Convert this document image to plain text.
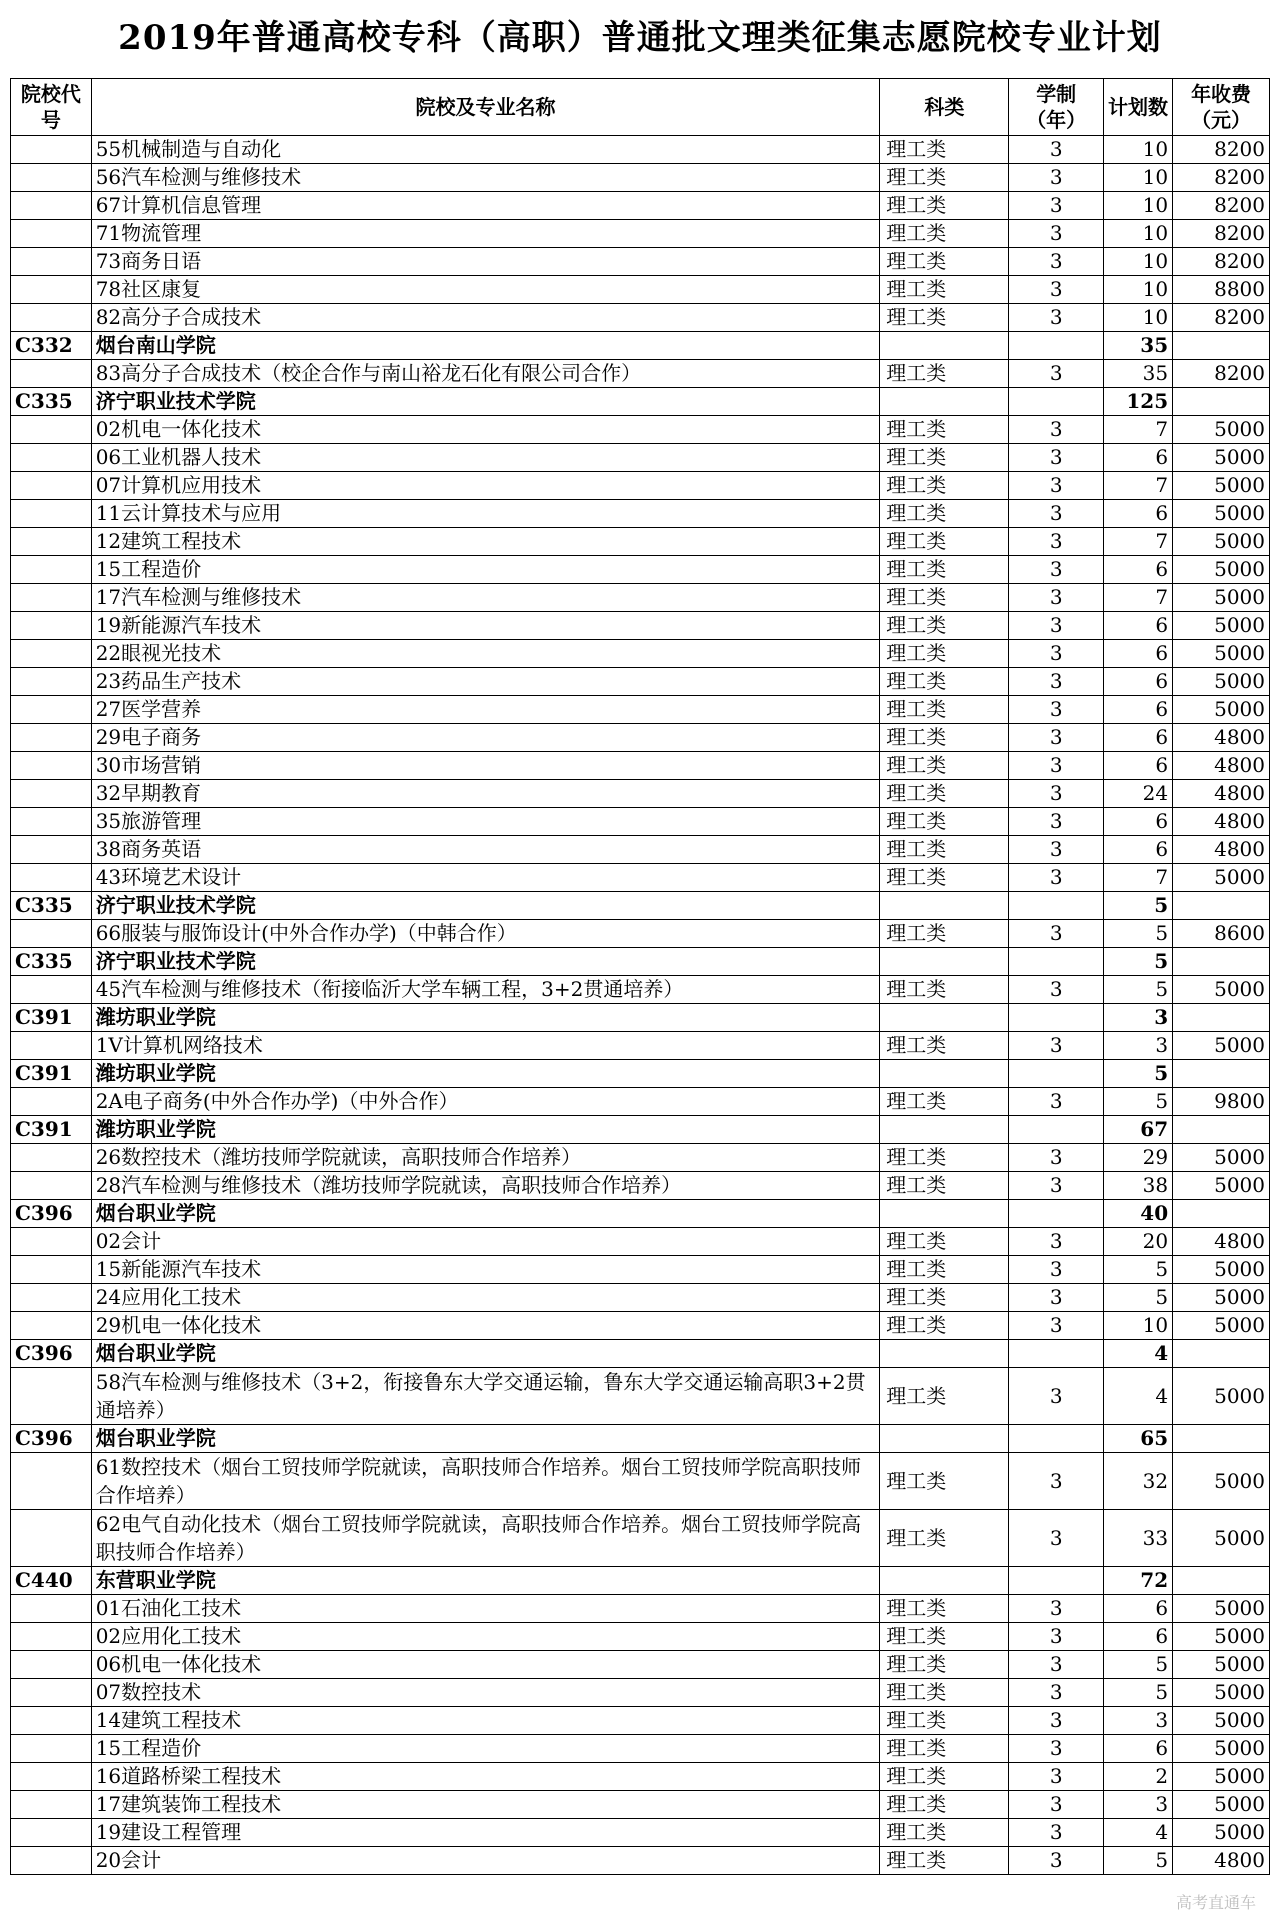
2019年普通高校专科（高职）普通批文理类征集志愿院校专业计划
院校代号	院校及专业名称	科类	学制（年）	计划数	年收费（元）
	55机械制造与自动化	理工类	3	10	8200
	56汽车检测与维修技术	理工类	3	10	8200
	67计算机信息管理	理工类	3	10	8200
	71物流管理	理工类	3	10	8200
	73商务日语	理工类	3	10	8200
	78社区康复	理工类	3	10	8800
	82高分子合成技术	理工类	3	10	8200
C332	烟台南山学院			35	
	83高分子合成技术（校企合作与南山裕龙石化有限公司合作）	理工类	3	35	8200
C335	济宁职业技术学院			125	
	02机电一体化技术	理工类	3	7	5000
	06工业机器人技术	理工类	3	6	5000
	07计算机应用技术	理工类	3	7	5000
	11云计算技术与应用	理工类	3	6	5000
	12建筑工程技术	理工类	3	7	5000
	15工程造价	理工类	3	6	5000
	17汽车检测与维修技术	理工类	3	7	5000
	19新能源汽车技术	理工类	3	6	5000
	22眼视光技术	理工类	3	6	5000
	23药品生产技术	理工类	3	6	5000
	27医学营养	理工类	3	6	5000
	29电子商务	理工类	3	6	4800
	30市场营销	理工类	3	6	4800
	32早期教育	理工类	3	24	4800
	35旅游管理	理工类	3	6	4800
	38商务英语	理工类	3	6	4800
	43环境艺术设计	理工类	3	7	5000
C335	济宁职业技术学院			5	
	66服装与服饰设计(中外合作办学)（中韩合作）	理工类	3	5	8600
C335	济宁职业技术学院			5	
	45汽车检测与维修技术（衔接临沂大学车辆工程，3+2贯通培养）	理工类	3	5	5000
C391	潍坊职业学院			3	
	1V计算机网络技术	理工类	3	3	5000
C391	潍坊职业学院			5	
	2A电子商务(中外合作办学)（中外合作）	理工类	3	5	9800
C391	潍坊职业学院			67	
	26数控技术（潍坊技师学院就读，高职技师合作培养）	理工类	3	29	5000
	28汽车检测与维修技术（潍坊技师学院就读，高职技师合作培养）	理工类	3	38	5000
C396	烟台职业学院			40	
	02会计	理工类	3	20	4800
	15新能源汽车技术	理工类	3	5	5000
	24应用化工技术	理工类	3	5	5000
	29机电一体化技术	理工类	3	10	5000
C396	烟台职业学院			4	
	58汽车检测与维修技术（3+2，衔接鲁东大学交通运输，鲁东大学交通运输高职3+2贯通培养）	理工类	3	4	5000
C396	烟台职业学院			65	
	61数控技术（烟台工贸技师学院就读，高职技师合作培养。烟台工贸技师学院高职技师合作培养）	理工类	3	32	5000
	62电气自动化技术（烟台工贸技师学院就读，高职技师合作培养。烟台工贸技师学院高职技师合作培养）	理工类	3	33	5000
C440	东营职业学院			72	
	01石油化工技术	理工类	3	6	5000
	02应用化工技术	理工类	3	6	5000
	06机电一体化技术	理工类	3	5	5000
	07数控技术	理工类	3	5	5000
	14建筑工程技术	理工类	3	3	5000
	15工程造价	理工类	3	6	5000
	16道路桥梁工程技术	理工类	3	2	5000
	17建筑装饰工程技术	理工类	3	3	5000
	19建设工程管理	理工类	3	4	5000
	20会计	理工类	3	5	4800
高考直通车
